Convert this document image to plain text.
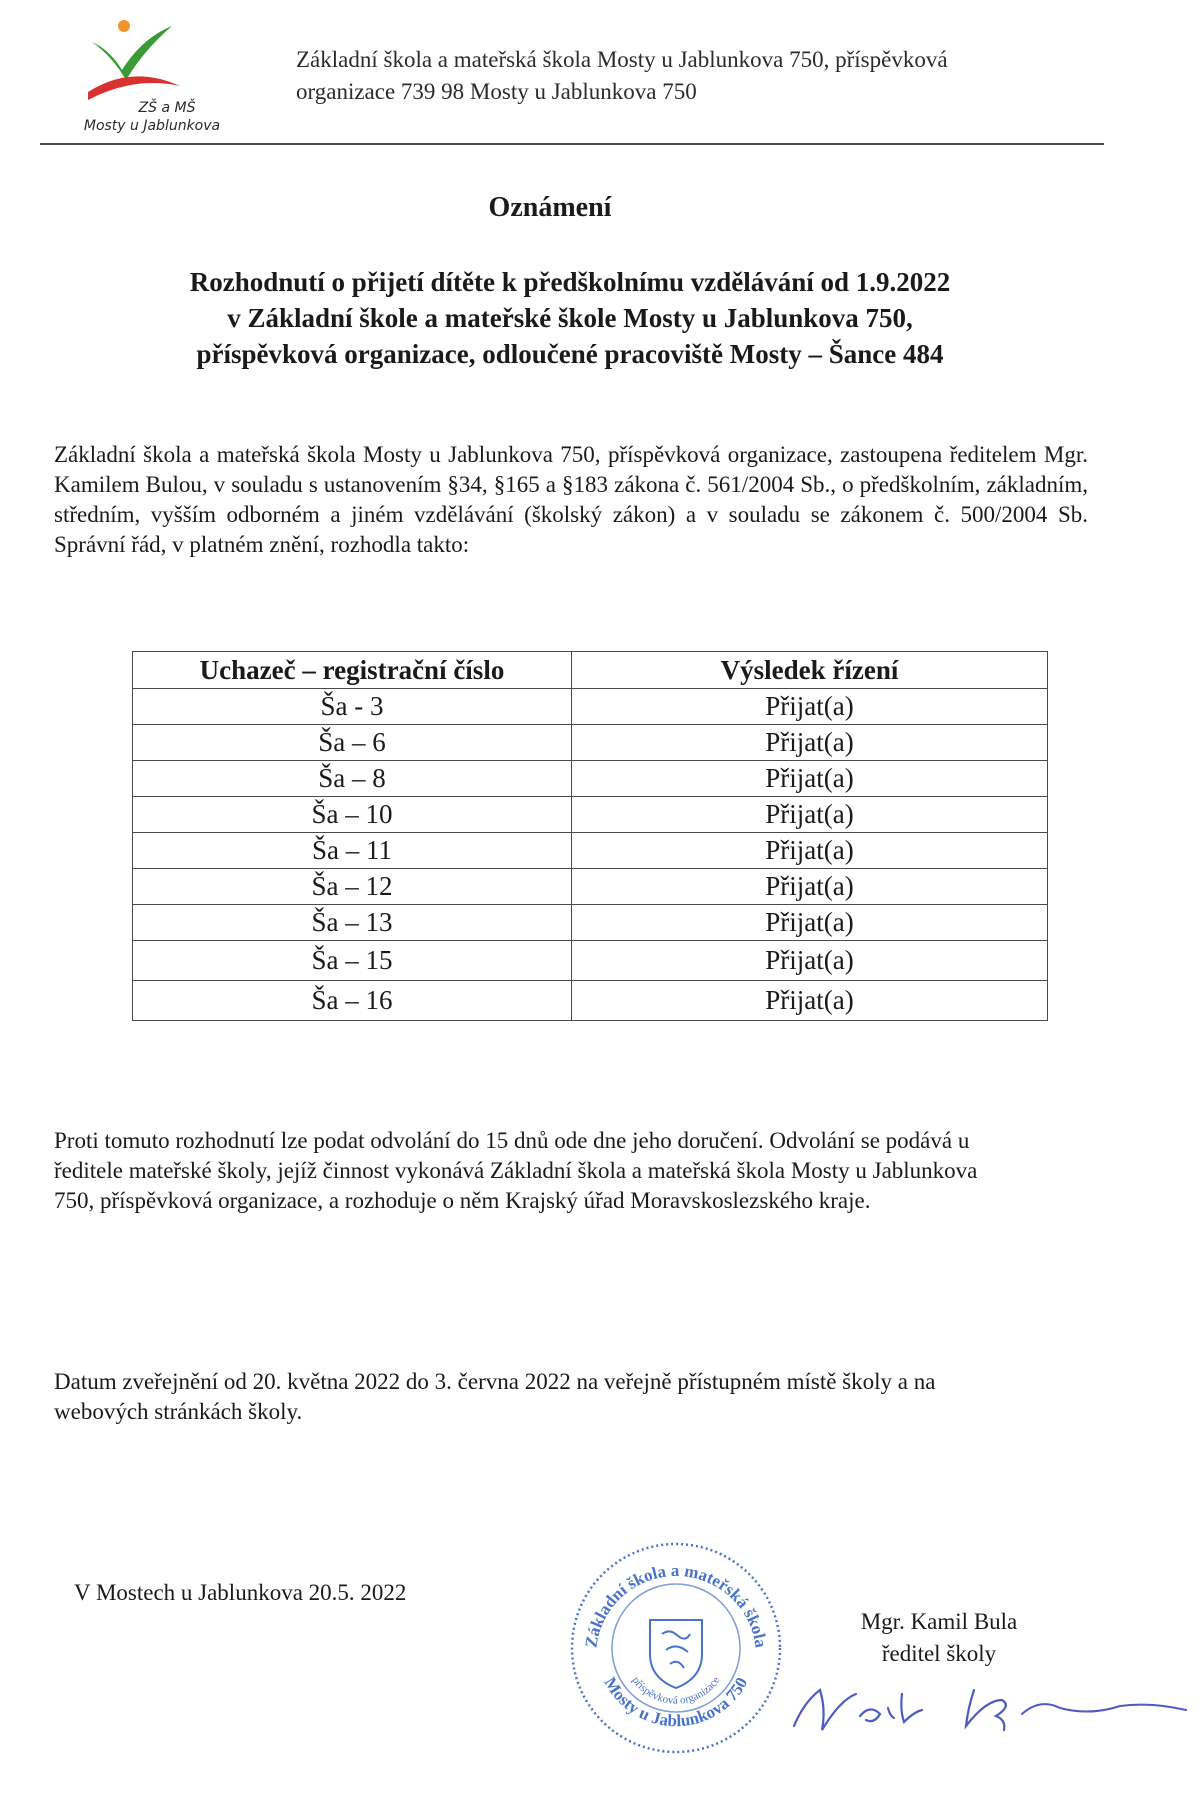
ZŠ a MŠ
Mosty u Jablunkova
Základní škola a mateřská škola Mosty u Jablunkova 750, příspěvková
organizace 739 98 Mosty u Jablunkova 750
Oznámení
Rozhodnutí o přijetí dítěte k předškolnímu vzdělávání od 1.9.2022
v Základní škole a mateřské škole Mosty u Jablunkova 750,
příspěvková organizace, odloučené pracoviště Mosty – Šance 484
Základní škola a mateřská škola Mosty u Jablunkova 750, příspěvková organizace, zastoupena ředitelem Mgr. Kamilem Bulou, v souladu s ustanovením §34, §165 a §183 zákona č. 561/2004 Sb., o předškolním, základním, středním, vyšším odborném a jiném vzdělávání (školský zákon) a v souladu se zákonem č. 500/2004 Sb. Správní řád, v platném znění, rozhodla takto:
Uchazeč – registrační číslo	Výsledek řízení
Ša - 3	Přijat(a)
Ša – 6	Přijat(a)
Ša – 8	Přijat(a)
Ša – 10	Přijat(a)
Ša – 11	Přijat(a)
Ša – 12	Přijat(a)
Ša – 13	Přijat(a)
Ša – 15	Přijat(a)
Ša – 16	Přijat(a)
Proti tomuto rozhodnutí lze podat odvolání do 15 dnů ode dne jeho doručení. Odvolání se podává u ředitele mateřské školy, jejíž činnost vykonává Základní škola a mateřská škola Mosty u Jablunkova 750, příspěvková organizace, a rozhoduje o něm Krajský úřad Moravskoslezského kraje.
Datum zveřejnění od 20. května 2022 do 3. června 2022 na veřejně přístupném místě školy a na webových stránkách školy.
V Mostech u Jablunkova 20.5. 2022
Základní škola a mateřská škola
příspěvková organizace
Mosty u Jablunkova 750
Mgr. Kamil Bula
ředitel školy
